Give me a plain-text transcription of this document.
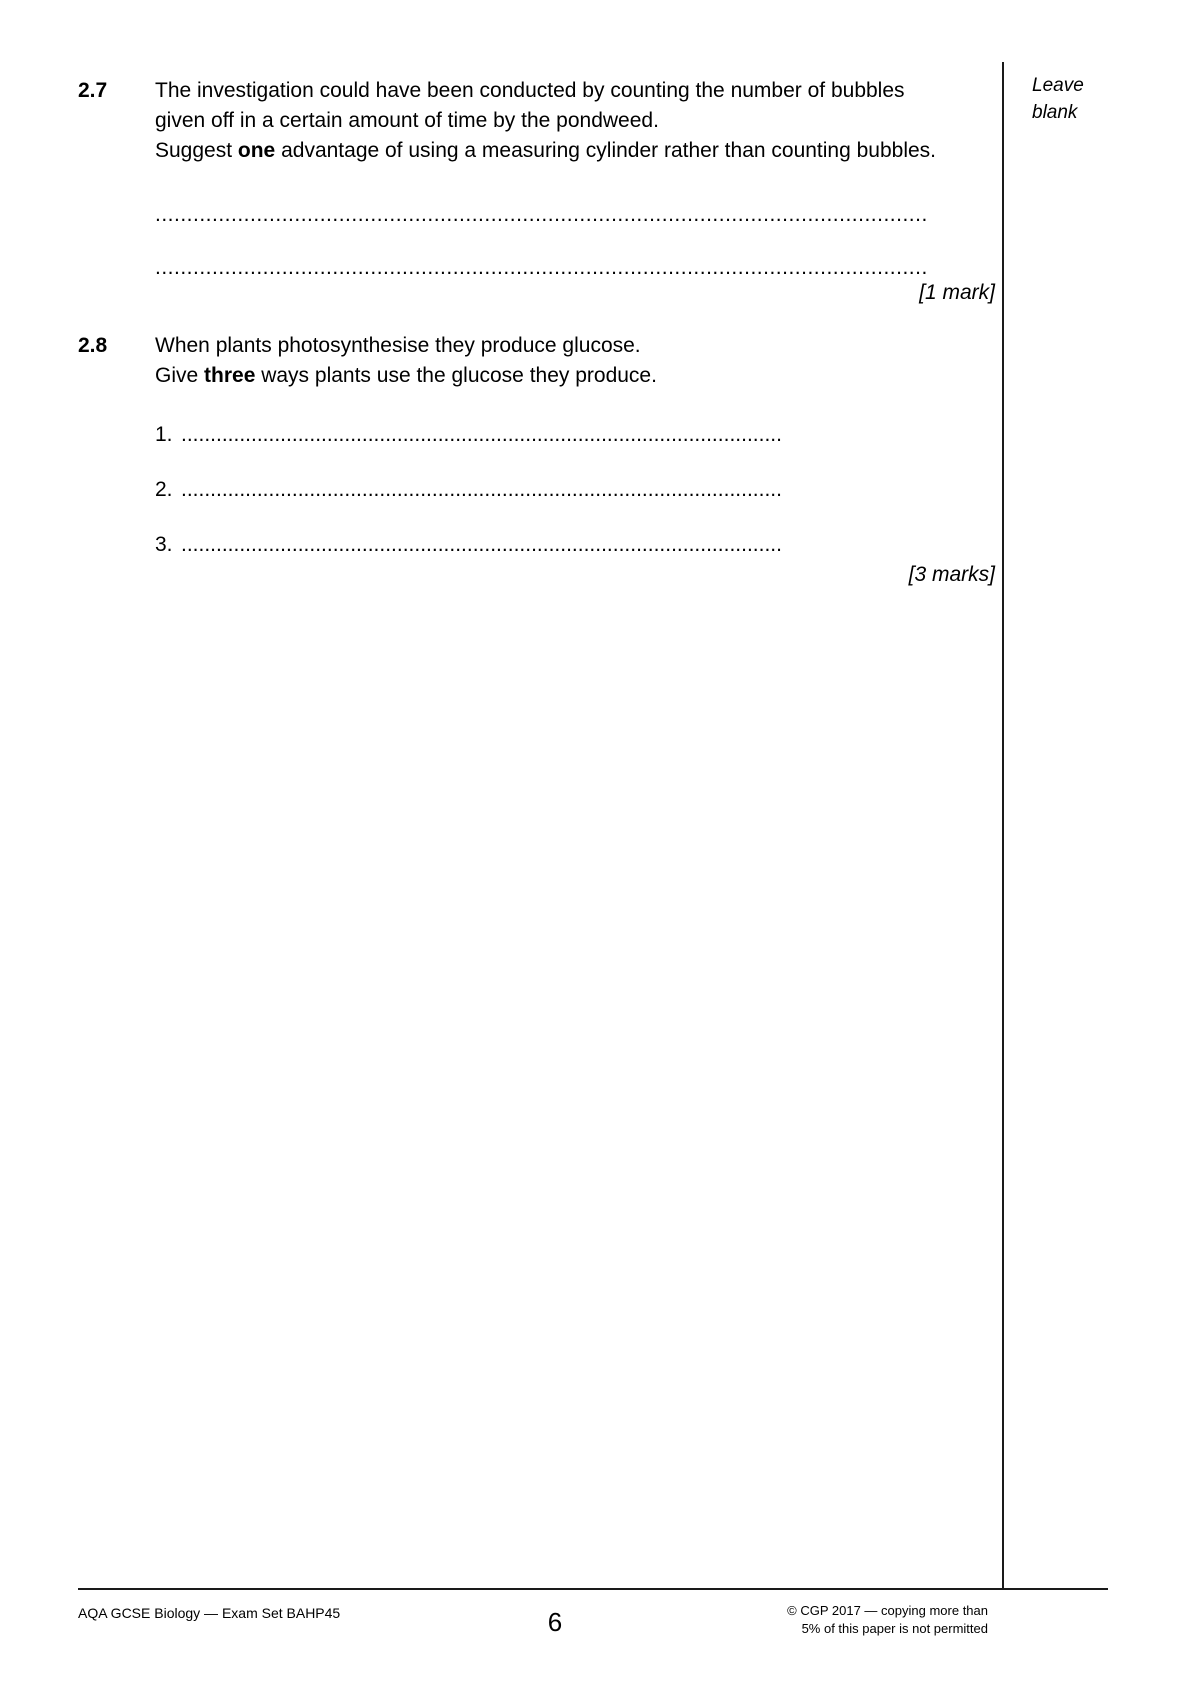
Leave
blank
2.7 The investigation could have been conducted by counting the number of bubbles

given off in a certain amount of time by the pondweed.

Suggest one advantage of using a measuring cylinder rather than counting bubbles.

..........................................................................................................................
..........................................................................................................................
[1 mark]
2.8 When plants photosynthesise they produce glucose.

Give three ways plants use the glucose they produce.

1. .......................................................................................................
2. .......................................................................................................
3. .......................................................................................................
[3 marks]
AQA GCSE Biology — Exam Set BAHP45	6	© CGP 2017 — copying more than
5% of this paper is not permitted
